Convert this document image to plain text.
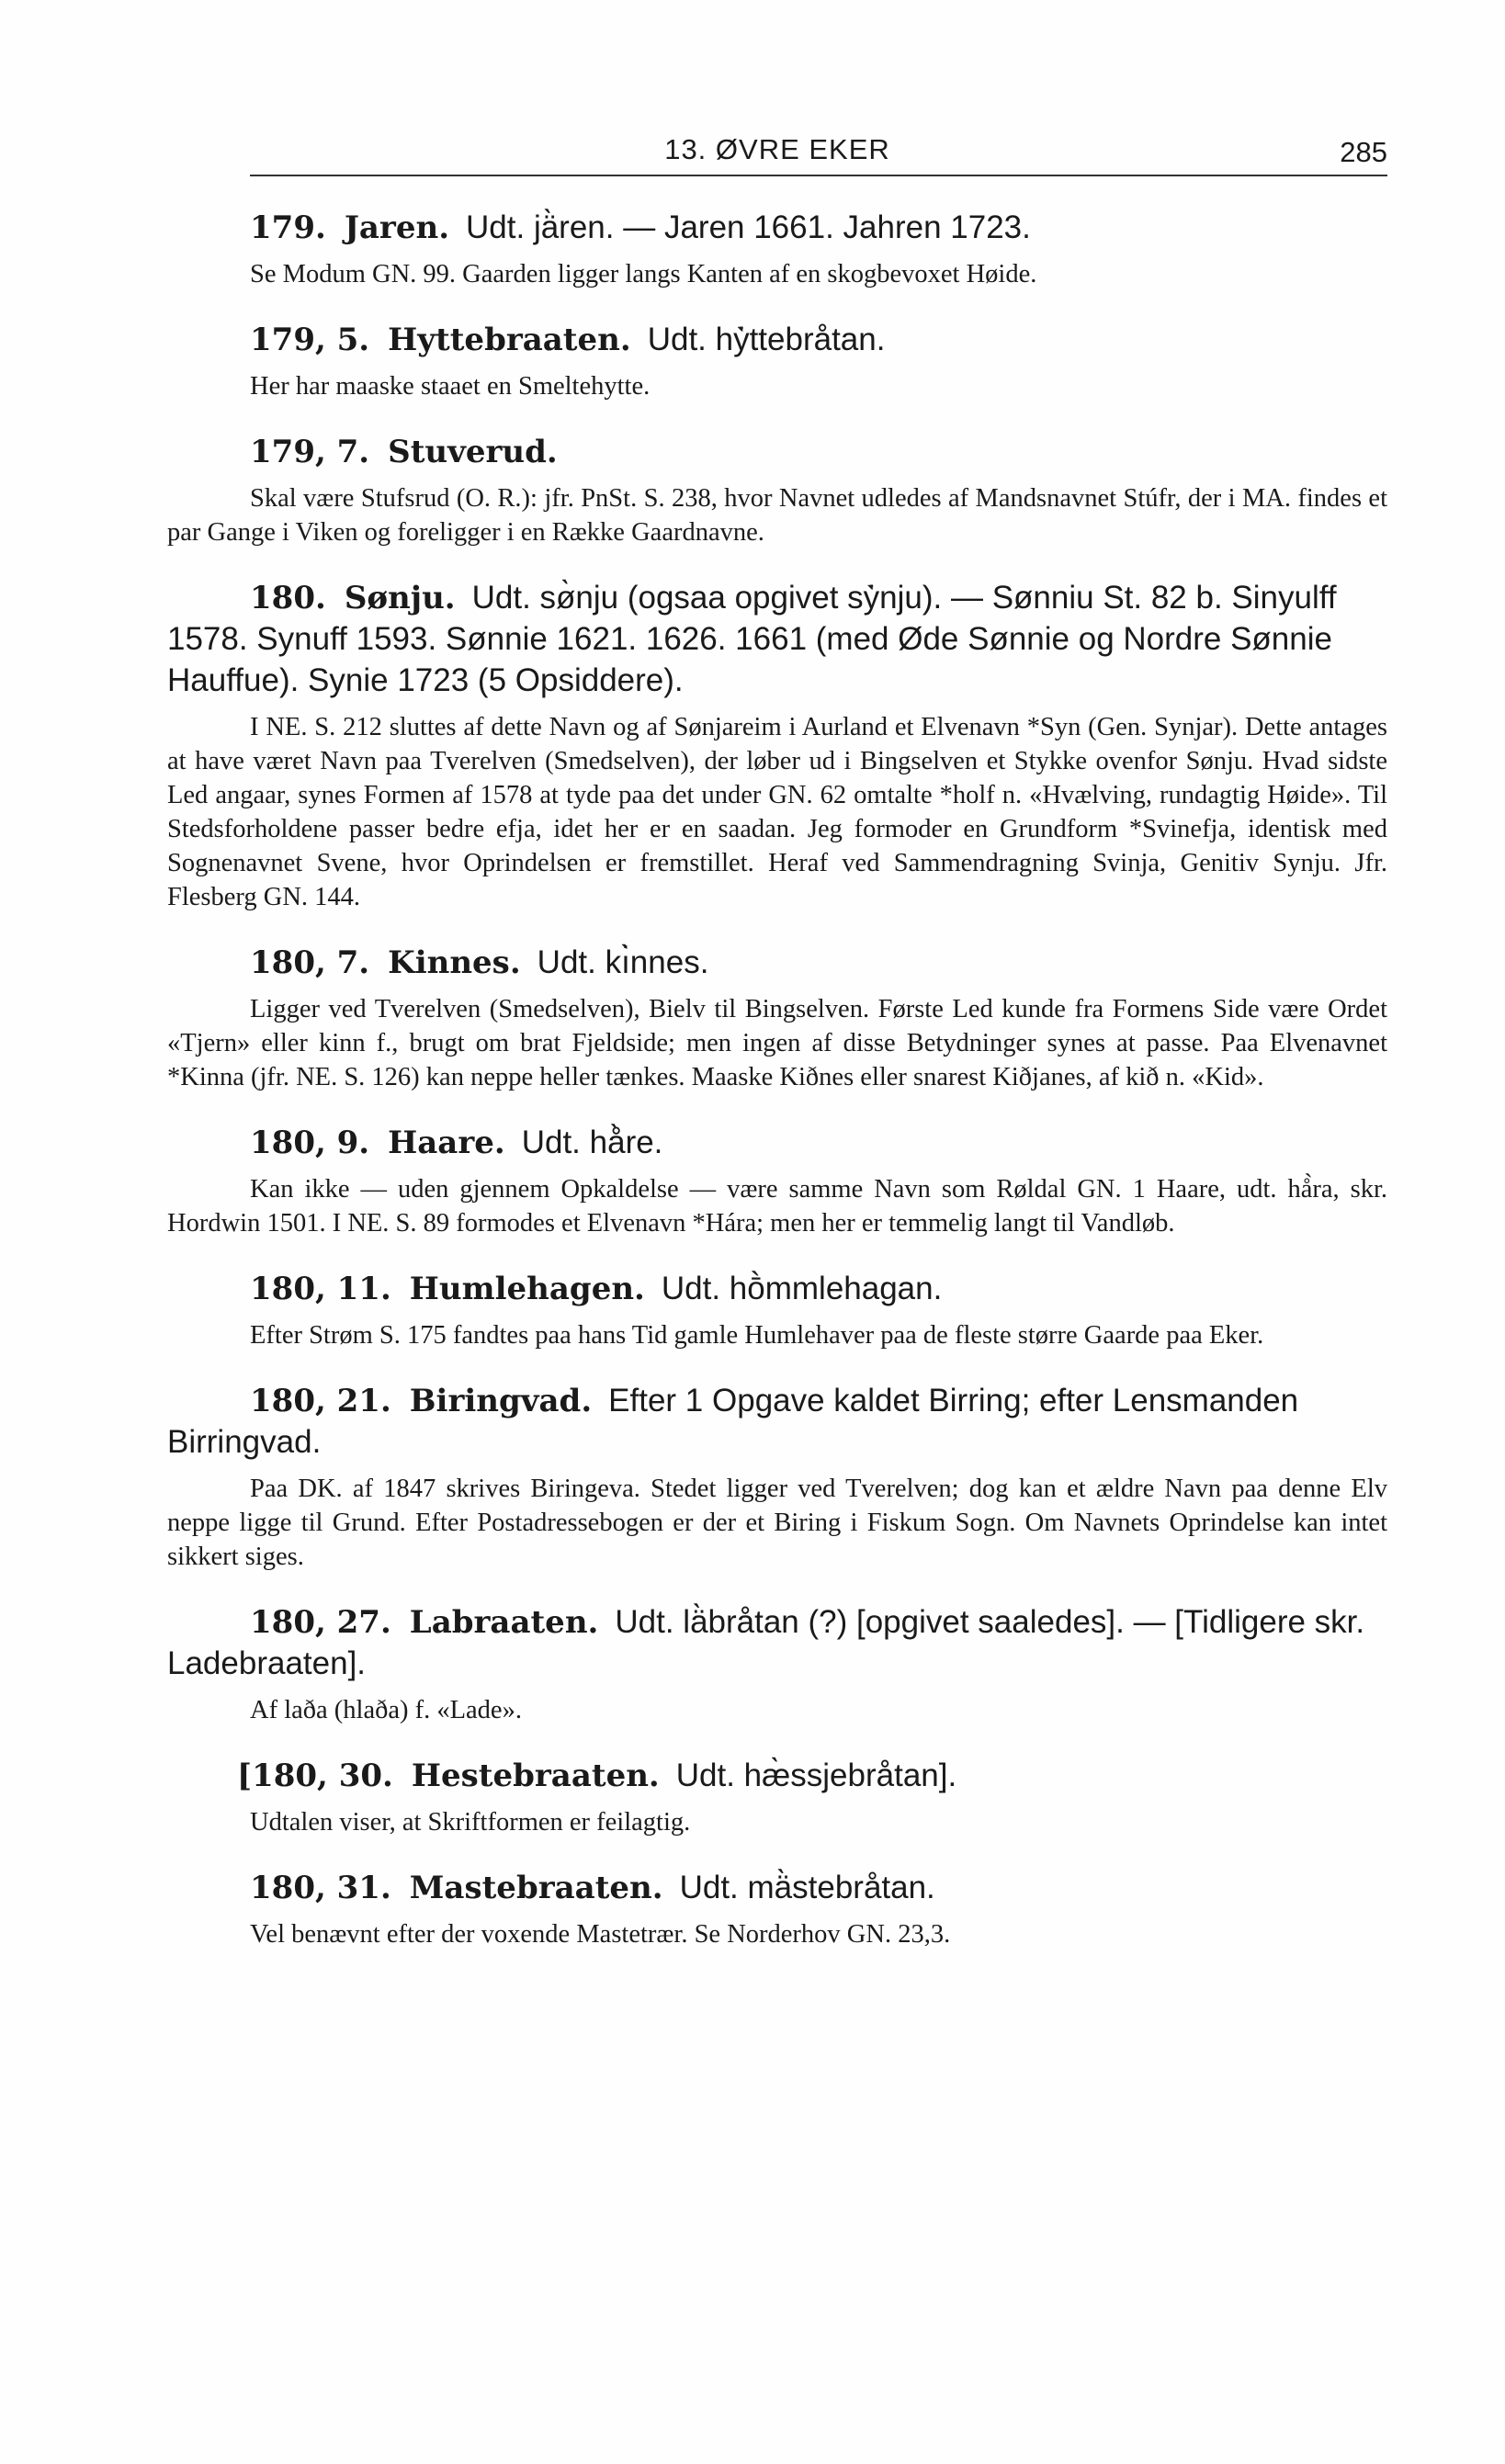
13. ØVRE EKER	285

179. Jaren. Udt. jä̀ren. — Jaren 1661. Jahren 1723.

Se Modum GN. 99. Gaarden ligger langs Kanten af en skogbevoxet Høide.

179, 5. Hyttebraaten. Udt. hẏ̀ttebråtan.

Her har maaske staaet en Smeltehytte.

179, 7. Stuverud.

Skal være Stufsrud (O. R.): jfr. PnSt. S. 238, hvor Navnet udledes af Mandsnavnet Stúfr, der i MA. findes et par Gange i Viken og foreligger i en Række Gaardnavne.

180. Sønju. Udt. sø̀nju (ogsaa opgivet sẏ̀nju). — Sønniu St. 82 b. Sinyulff 1578. Synuff 1593. Sønnie 1621. 1626. 1661 (med Øde Sønnie og Nordre Sønnie Hauffue). Synie 1723 (5 Opsiddere).

I NE. S. 212 sluttes af dette Navn og af Sønjareim i Aurland et Elvenavn *Syn (Gen. Synjar). Dette antages at have været Navn paa Tverelven (Smedselven), der løber ud i Bingselven et Stykke ovenfor Sønju. Hvad sidste Led angaar, synes Formen af 1578 at tyde paa det under GN. 62 omtalte *holf n. «Hvælving, rundagtig Høide». Til Stedsforholdene passer bedre efja, idet her er en saadan. Jeg formoder en Grundform *Svinefja, identisk med Sognenavnet Svene, hvor Oprindelsen er fremstillet. Heraf ved Sammendragning Svinja, Genitiv Synju. Jfr. Flesberg GN. 144.

180, 7. Kinnes. Udt. kı̇̀nnes.

Ligger ved Tverelven (Smedselven), Bielv til Bingselven. Første Led kunde fra Formens Side være Ordet «Tjern» eller kinn f., brugt om brat Fjeldside; men ingen af disse Betydninger synes at passe. Paa Elvenavnet *Kinna (jfr. NE. S. 126) kan neppe heller tænkes. Maaske Kiðnes eller snarest Kiðjanes, af kið n. «Kid».

180, 9. Haare. Udt. hå̀re.

Kan ikke — uden gjennem Opkaldelse — være samme Navn som Røldal GN. 1 Haare, udt. hå̀ra, skr. Hordwin 1501. I NE. S. 89 formodes et Elvenavn *Hára; men her er temmelig langt til Vandløb.

180, 11. Humlehagen. Udt. hṑmmlehagan.

Efter Strøm S. 175 fandtes paa hans Tid gamle Humlehaver paa de fleste større Gaarde paa Eker.

180, 21. Biringvad. Efter 1 Opgave kaldet Birring; efter Lensmanden Birringvad.

Paa DK. af 1847 skrives Biringeva. Stedet ligger ved Tverelven; dog kan et ældre Navn paa denne Elv neppe ligge til Grund. Efter Postadressebogen er der et Biring i Fiskum Sogn. Om Navnets Oprindelse kan intet sikkert siges.

180, 27. Labraaten. Udt. lä̀bråtan (?) [opgivet saaledes]. — [Tidligere skr. Ladebraaten].

Af laða (hlaða) f. «Lade».

[180, 30. Hestebraaten. Udt. hæ̀ssjebråtan].

Udtalen viser, at Skriftformen er feilagtig.

180, 31. Mastebraaten. Udt. mä̀stebråtan.

Vel benævnt efter der voxende Mastetrær. Se Norderhov GN. 23,3.
